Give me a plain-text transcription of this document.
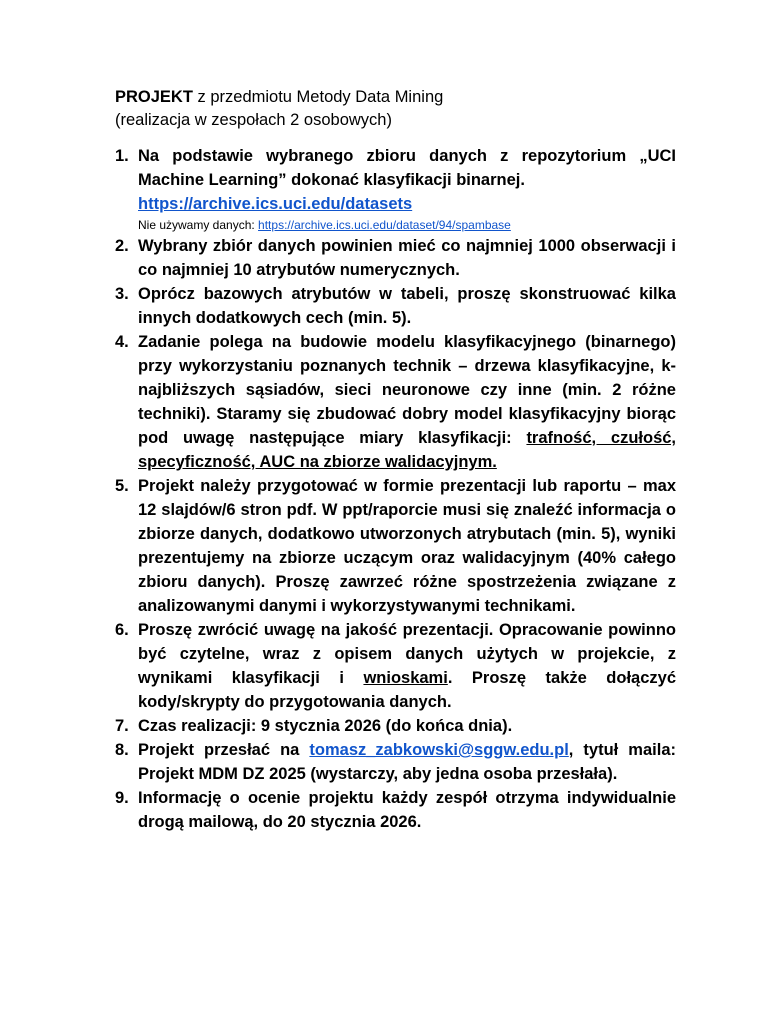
PROJEKT z przedmiotu Metody Data Mining
(realizacja w zespołach 2 osobowych)
1. Na podstawie wybranego zbioru danych z repozytorium „UCI Machine Learning” dokonać klasyfikacji binarnej.
https://archive.ics.uci.edu/datasets
Nie używamy danych: https://archive.ics.uci.edu/dataset/94/spambase
2. Wybrany zbiór danych powinien mieć co najmniej 1000 obserwacji i co najmniej 10 atrybutów numerycznych.
3. Oprócz bazowych atrybutów w tabeli, proszę skonstruować kilka innych dodatkowych cech (min. 5).
4. Zadanie polega na budowie modelu klasyfikacyjnego (binarnego) przy wykorzystaniu poznanych technik – drzewa klasyfikacyjne, k-najbliższych sąsiadów, sieci neuronowe czy inne (min. 2 różne techniki). Staramy się zbudować dobry model klasyfikacyjny biorąc pod uwagę następujące miary klasyfikacji: trafność, czułość, specyficzność, AUC na zbiorze walidacyjnym.
5. Projekt należy przygotować w formie prezentacji lub raportu – max 12 slajdów/6 stron pdf. W ppt/raporcie musi się znaleźć informacja o zbiorze danych, dodatkowo utworzonych atrybutach (min. 5), wyniki prezentujemy na zbiorze uczącym oraz walidacyjnym (40% całego zbioru danych). Proszę zawrzeć różne spostrzeżenia związane z analizowanymi danymi i wykorzystywanymi technikami.
6. Proszę zwrócić uwagę na jakość prezentacji. Opracowanie powinno być czytelne, wraz z opisem danych użytych w projekcie, z wynikami klasyfikacji i wnioskami. Proszę także dołączyć kody/skrypty do przygotowania danych.
7. Czas realizacji: 9 stycznia 2026 (do końca dnia).
8. Projekt przesłać na tomasz_zabkowski@sggw.edu.pl, tytuł maila: Projekt MDM DZ 2025 (wystarczy, aby jedna osoba przesłała).
9. Informację o ocenie projektu każdy zespół otrzyma indywidualnie drogą mailową, do 20 stycznia 2026.
